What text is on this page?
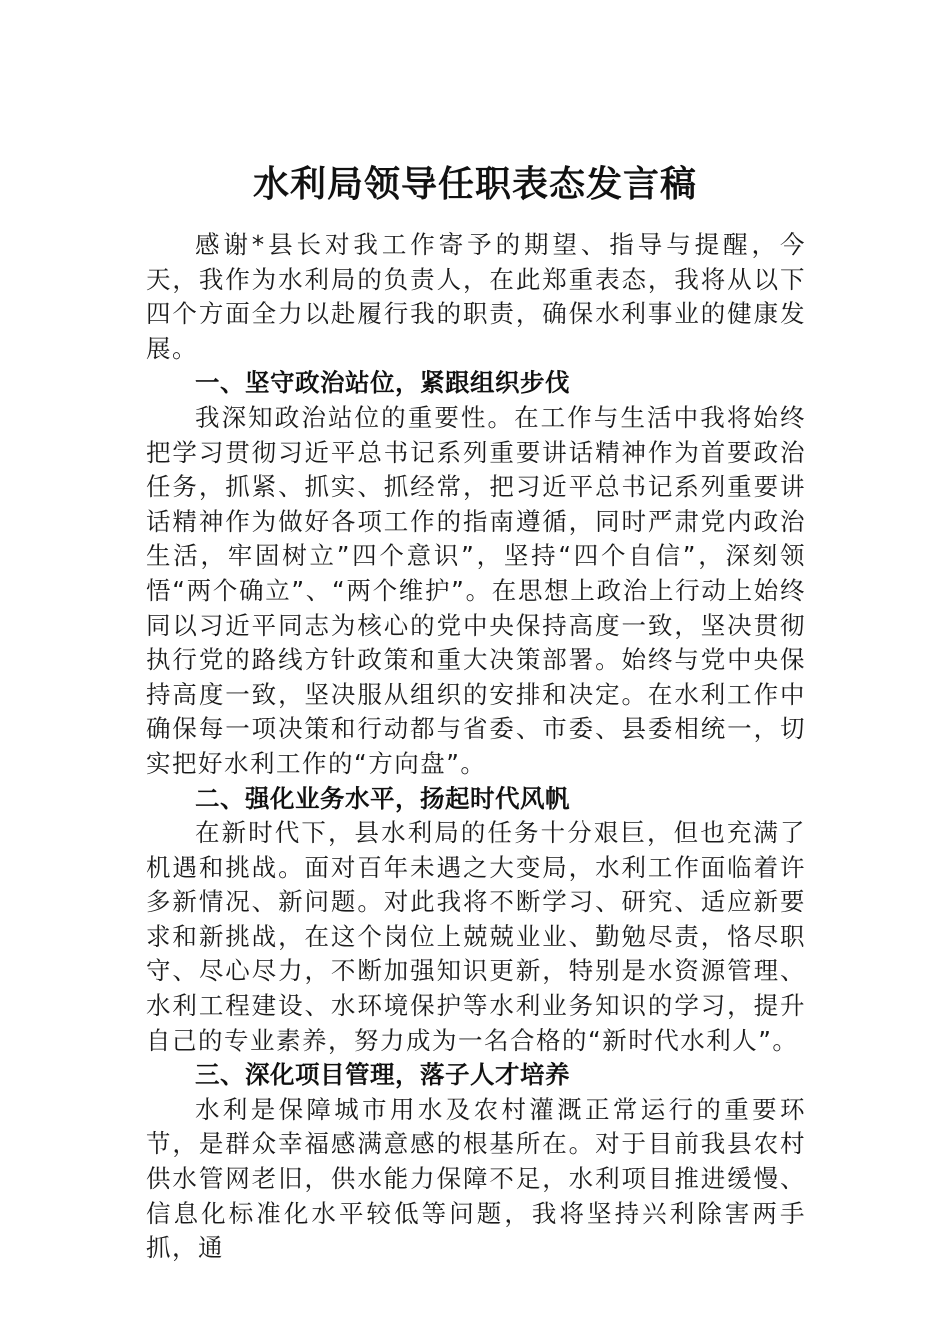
水利局领导任职表态发言稿

感谢*县长对我工作寄予的期望、指导与提醒，今天，我作为水利局的负责人，在此郑重表态，我将从以下四个方面全力以赴履行我的职责，确保水利事业的健康发展。

一、坚守政治站位，紧跟组织步伐

我深知政治站位的重要性。在工作与生活中我将始终把学习贯彻习近平总书记系列重要讲话精神作为首要政治任务，抓紧、抓实、抓经常，把习近平总书记系列重要讲话精神作为做好各项工作的指南遵循，同时严肃党内政治生活，牢固树立”四个意识”，坚持“四个自信”，深刻领悟“两个确立”、“两个维护”。在思想上政治上行动上始终同以习近平同志为核心的党中央保持高度一致，坚决贯彻执行党的路线方针政策和重大决策部署。始终与党中央保持高度一致，坚决服从组织的安排和决定。在水利工作中确保每一项决策和行动都与省委、市委、县委相统一，切实把好水利工作的“方向盘”。

二、强化业务水平，扬起时代风帆

在新时代下，县水利局的任务十分艰巨，但也充满了机遇和挑战。面对百年未遇之大变局，水利工作面临着许多新情况、新问题。对此我将不断学习、研究、适应新要求和新挑战，在这个岗位上兢兢业业、勤勉尽责，恪尽职守、尽心尽力，不断加强知识更新，特别是水资源管理、水利工程建设、水环境保护等水利业务知识的学习，提升自己的专业素养，努力成为一名合格的“新时代水利人”。

三、深化项目管理，落子人才培养

水利是保障城市用水及农村灌溉正常运行的重要环节，是群众幸福感满意感的根基所在。对于目前我县农村供水管网老旧，供水能力保障不足，水利项目推进缓慢、信息化标准化水平较低等问题，我将坚持兴利除害两手抓，通
